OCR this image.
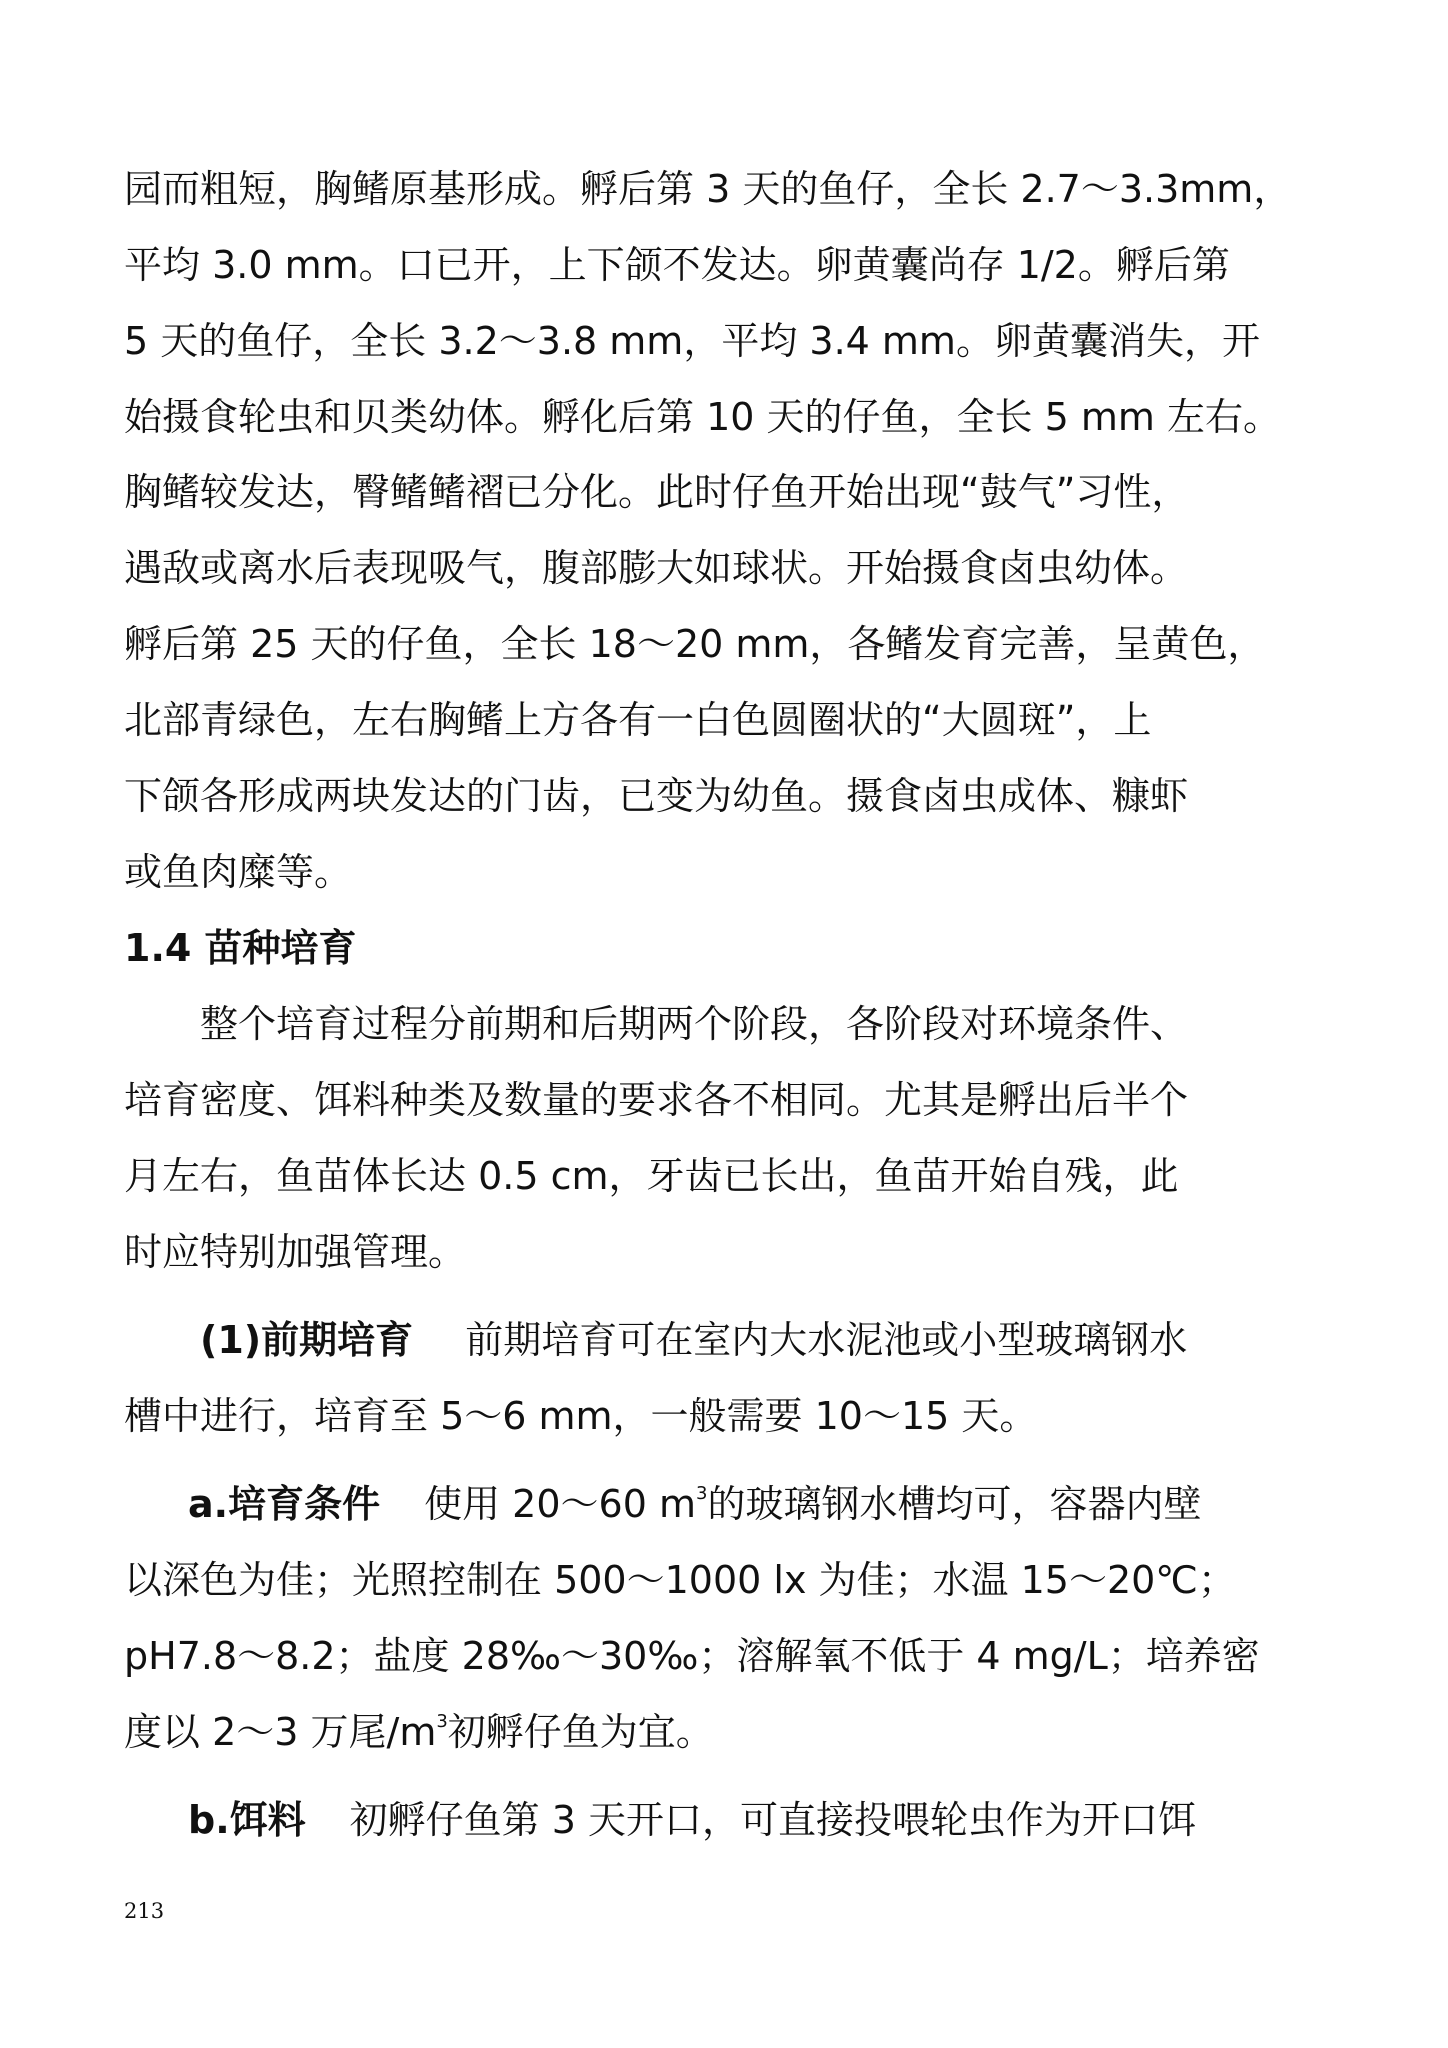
园而粗短，胸鳍原基形成。孵后第 3 天的鱼仔，全长 2.7～3.3mm，
平均 3.0 mm。口已开，上下颌不发达。卵黄囊尚存 1/2。孵后第
5 天的鱼仔，全长 3.2～3.8 mm，平均 3.4 mm。卵黄囊消失，开
始摄食轮虫和贝类幼体。孵化后第 10 天的仔鱼，全长 5 mm 左右。
胸鳍较发达，臀鳍鳍褶已分化。此时仔鱼开始出现“鼓气”习性，
遇敌或离水后表现吸气，腹部膨大如球状。开始摄食卤虫幼体。
孵后第 25 天的仔鱼，全长 18～20 mm，各鳍发育完善，呈黄色，
北部青绿色，左右胸鳍上方各有一白色圆圈状的“大圆斑”，上
下颌各形成两块发达的门齿，已变为幼鱼。摄食卤虫成体、糠虾
或鱼肉糜等。
1.4 苗种培育
整个培育过程分前期和后期两个阶段，各阶段对环境条件、
培育密度、饵料种类及数量的要求各不相同。尤其是孵出后半个
月左右，鱼苗体长达 0.5 cm，牙齿已长出，鱼苗开始自残，此
时应特别加强管理。
(1)前期培育 前期培育可在室内大水泥池或小型玻璃钢水
槽中进行，培育至 5～6 mm，一般需要 10～15 天。
a.培育条件 使用 20～60 $m^3$的玻璃钢水槽均可，容器内壁
以深色为佳；光照控制在 500～1000 lx 为佳；水温 15～20℃；
pH7.8～8.2；盐度 28‰～30‰；溶解氧不低于 4 mg/L；培养密
度以 2～3 万尾$/m^3$初孵仔鱼为宜。
b.饵料 初孵仔鱼第 3 天开口，可直接投喂轮虫作为开口饵
213
